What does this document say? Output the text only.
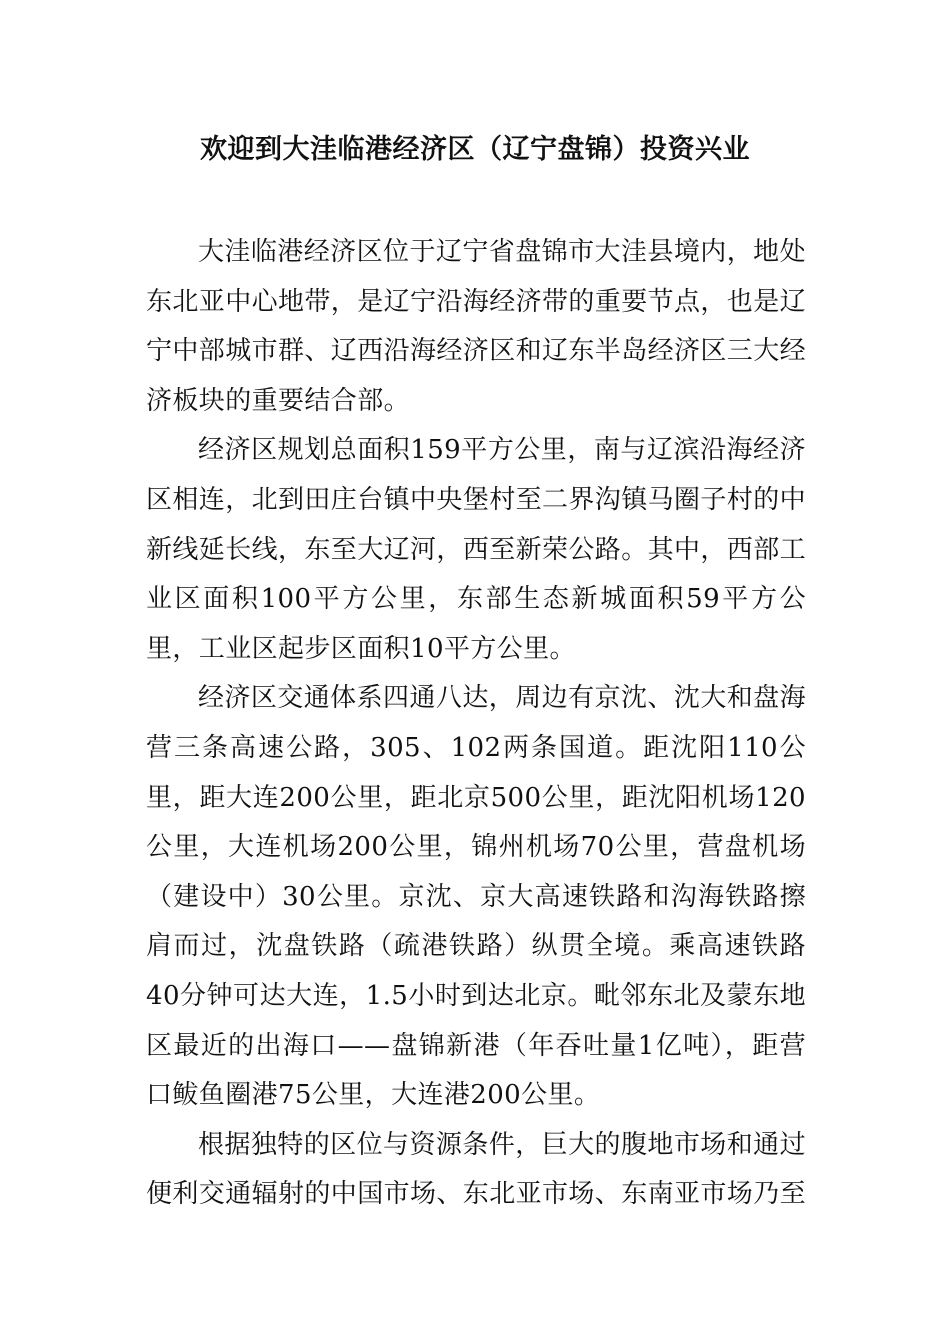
欢迎到大洼临港经济区（辽宁盘锦）投资兴业

大洼临港经济区位于辽宁省盘锦市大洼县境内，地处东北亚中心地带，是辽宁沿海经济带的重要节点，也是辽宁中部城市群、辽西沿海经济区和辽东半岛经济区三大经济板块的重要结合部。

经济区规划总面积159平方公里，南与辽滨沿海经济区相连，北到田庄台镇中央堡村至二界沟镇马圈子村的中新线延长线，东至大辽河，西至新荣公路。其中，西部工业区面积100平方公里，东部生态新城面积59平方公里，工业区起步区面积10平方公里。

经济区交通体系四通八达，周边有京沈、沈大和盘海营三条高速公路，305、102两条国道。距沈阳110公里，距大连200公里，距北京500公里，距沈阳机场120公里，大连机场200公里，锦州机场70公里，营盘机场（建设中）30公里。京沈、京大高速铁路和沟海铁路擦肩而过，沈盘铁路（疏港铁路）纵贯全境。乘高速铁路40分钟可达大连，1.5小时到达北京。毗邻东北及蒙东地区最近的出海口——盘锦新港（年吞吐量1亿吨），距营口鲅鱼圈港75公里，大连港200公里。

根据独特的区位与资源条件，巨大的腹地市场和通过便利交通辐射的中国市场、东北亚市场、东南亚市场乃至
